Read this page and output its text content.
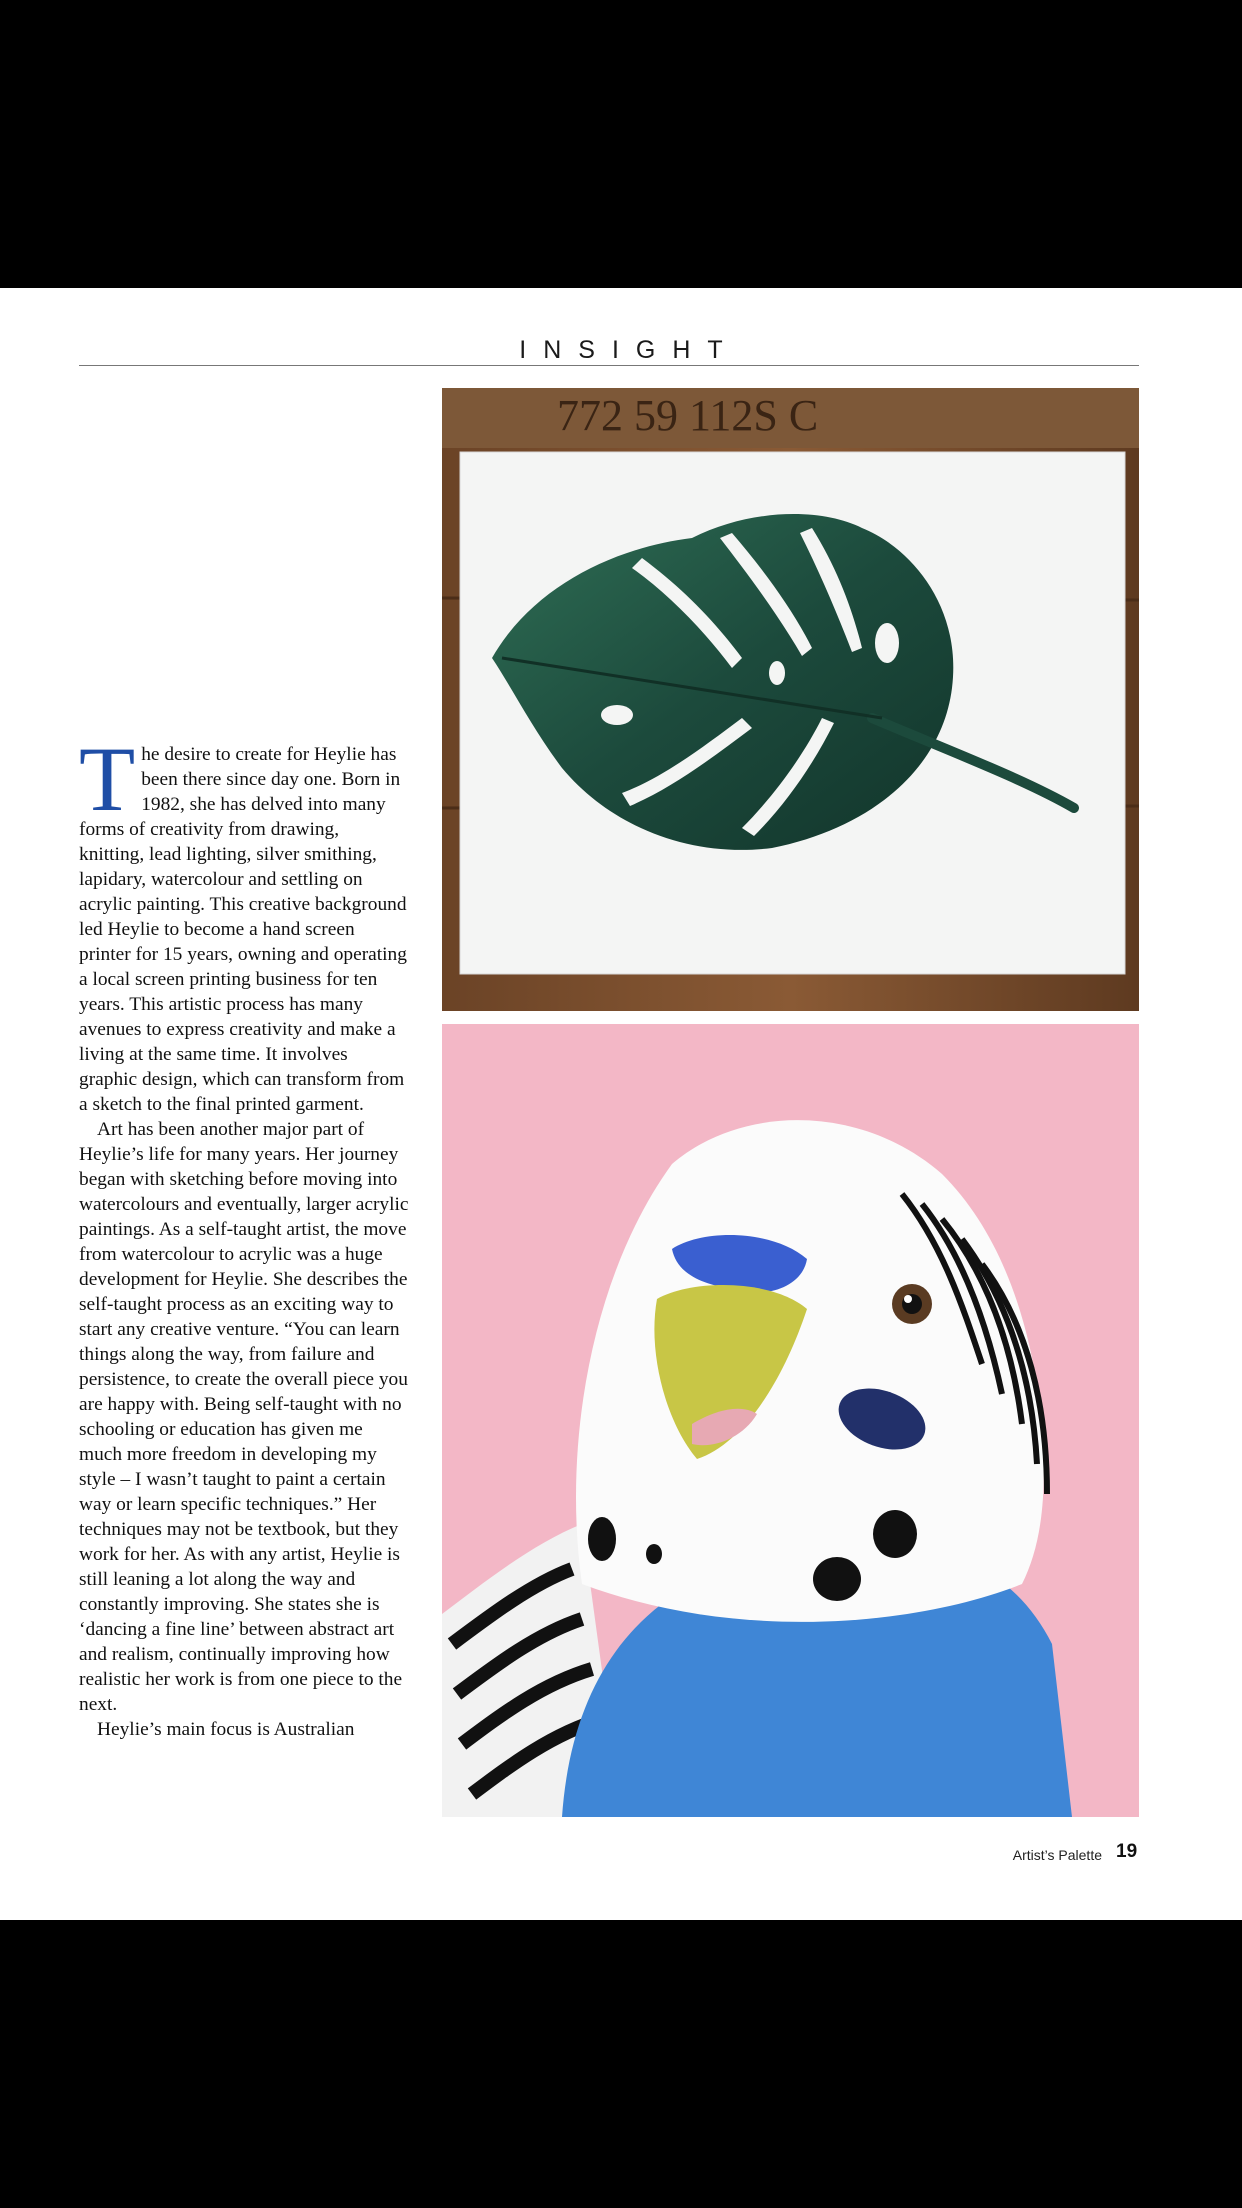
INSIGHT

The desire to create for Heylie has been there since day one. Born in 1982, she has delved into many forms of creativity from drawing, knitting, lead lighting, silver smithing, lapidary, watercolour and settling on acrylic painting. This creative background led Heylie to become a hand screen printer for 15 years, owning and operating a local screen printing business for ten years. This artistic process has many avenues to express creativity and make a living at the same time. It involves graphic design, which can transform from a sketch to the final printed garment.

Art has been another major part of Heylie’s life for many years. Her journey began with sketching before moving into watercolours and eventually, larger acrylic paintings. As a self-taught artist, the move from watercolour to acrylic was a huge development for Heylie. She describes the self-taught process as an exciting way to start any creative venture. “You can learn things along the way, from failure and persistence, to create the overall piece you are happy with. Being self-taught with no schooling or education has given me much more freedom in developing my style – I wasn’t taught to paint a certain way or learn specific techniques.” Her techniques may not be textbook, but they work for her. As with any artist, Heylie is still leaning a lot along the way and constantly improving. She states she is ‘dancing a fine line’ between abstract art and realism, continually improving how realistic her work is from one piece to the next.

Heylie’s main focus is Australian

772 59 112S C
Artist’s Palette 19
